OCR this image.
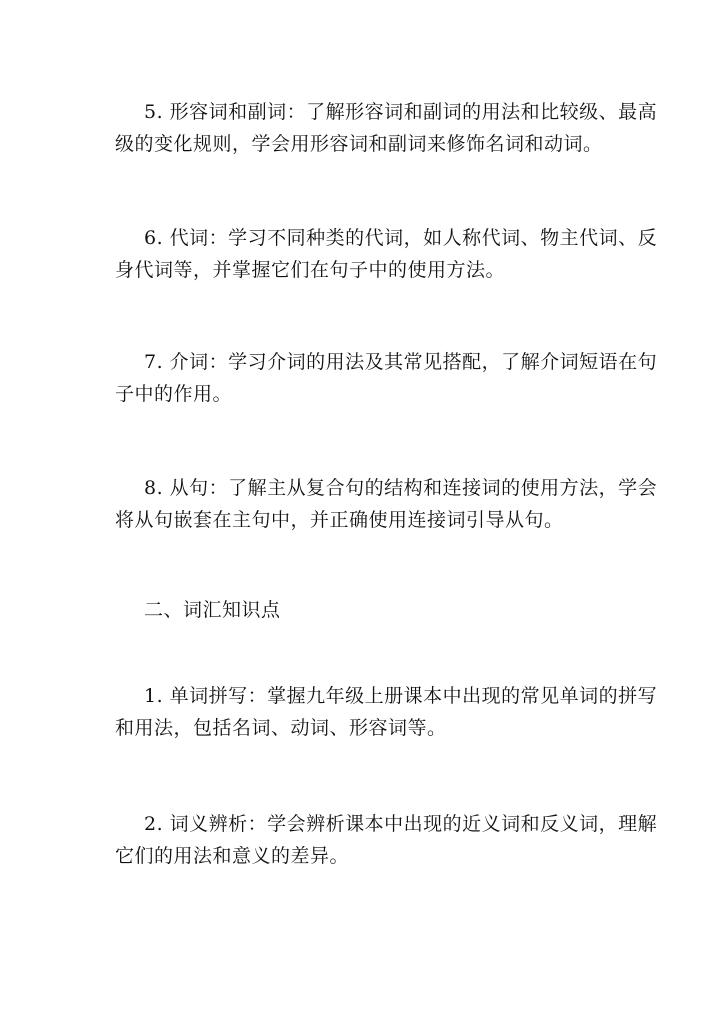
5. 形容词和副词：了解形容词和副词的用法和比较级、最高级的变化规则，学会用形容词和副词来修饰名词和动词。

6. 代词：学习不同种类的代词，如人称代词、物主代词、反身代词等，并掌握它们在句子中的使用方法。

7. 介词：学习介词的用法及其常见搭配，了解介词短语在句子中的作用。

8. 从句：了解主从复合句的结构和连接词的使用方法，学会将从句嵌套在主句中，并正确使用连接词引导从句。

二、词汇知识点

1. 单词拼写：掌握九年级上册课本中出现的常见单词的拼写和用法，包括名词、动词、形容词等。

2. 词义辨析：学会辨析课本中出现的近义词和反义词，理解它们的用法和意义的差异。
